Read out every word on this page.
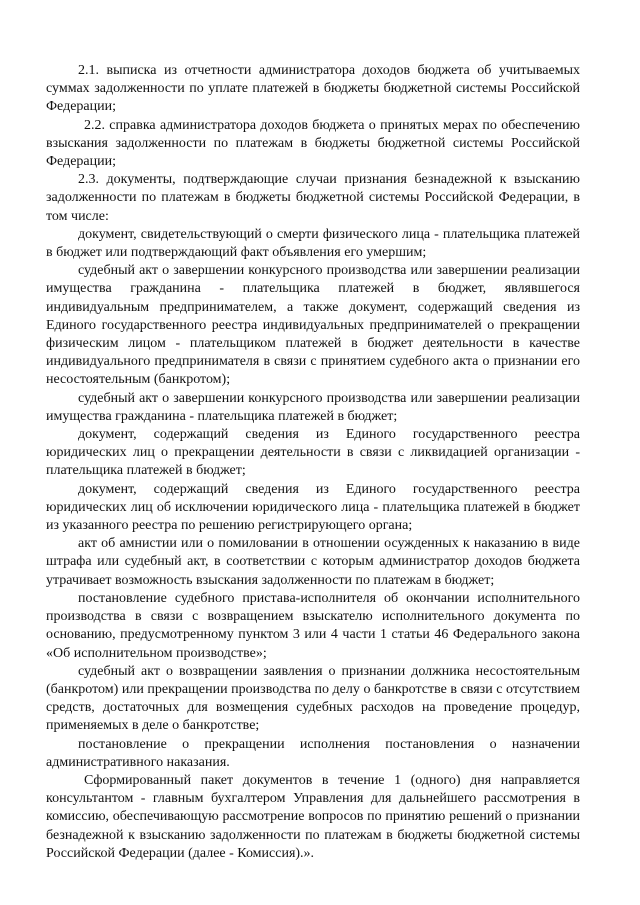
2.1. выписка из отчетности администратора доходов бюджета об учитываемых суммах задолженности по уплате платежей в бюджеты бюджетной системы Российской Федерации;

2.2. справка администратора доходов бюджета о принятых мерах по обеспечению взыскания задолженности по платежам в бюджеты бюджетной системы Российской Федерации;

2.3. документы, подтверждающие случаи признания безнадежной к взысканию задолженности по платежам в бюджеты бюджетной системы Российской Федерации, в том числе:

документ, свидетельствующий о смерти физического лица - плательщика платежей в бюджет или подтверждающий факт объявления его умершим;

судебный акт о завершении конкурсного производства или завершении реализации имущества гражданина - плательщика платежей в бюджет, являвшегося индивидуальным предпринимателем, а также документ, содержащий сведения из Единого государственного реестра индивидуальных предпринимателей о прекращении физическим лицом - плательщиком платежей в бюджет деятельности в качестве индивидуального предпринимателя в связи с принятием судебного акта о признании его несостоятельным (банкротом);

судебный акт о завершении конкурсного производства или завершении реализации имущества гражданина - плательщика платежей в бюджет;

документ, содержащий сведения из Единого государственного реестра юридических лиц о прекращении деятельности в связи с ликвидацией организации - плательщика платежей в бюджет;

документ, содержащий сведения из Единого государственного реестра юридических лиц об исключении юридического лица - плательщика платежей в бюджет из указанного реестра по решению регистрирующего органа;

акт об амнистии или о помиловании в отношении осужденных к наказанию в виде штрафа или судебный акт, в соответствии с которым администратор доходов бюджета утрачивает возможность взыскания задолженности по платежам в бюджет;

постановление судебного пристава-исполнителя об окончании исполнительного производства в связи с возвращением взыскателю исполнительного документа по основанию, предусмотренному пунктом 3 или 4 части 1 статьи 46 Федерального закона «Об исполнительном производстве»;

судебный акт о возвращении заявления о признании должника несостоятельным (банкротом) или прекращении производства по делу о банкротстве в связи с отсутствием средств, достаточных для возмещения судебных расходов на проведение процедур, применяемых в деле о банкротстве;

постановление о прекращении исполнения постановления о назначении административного наказания.

Сформированный пакет документов в течение 1 (одного) дня направляется консультантом - главным бухгалтером Управления для дальнейшего рассмотрения в комиссию, обеспечивающую рассмотрение вопросов по принятию решений о признании безнадежной к взысканию задолженности по платежам в бюджеты бюджетной системы Российской Федерации (далее - Комиссия).».
